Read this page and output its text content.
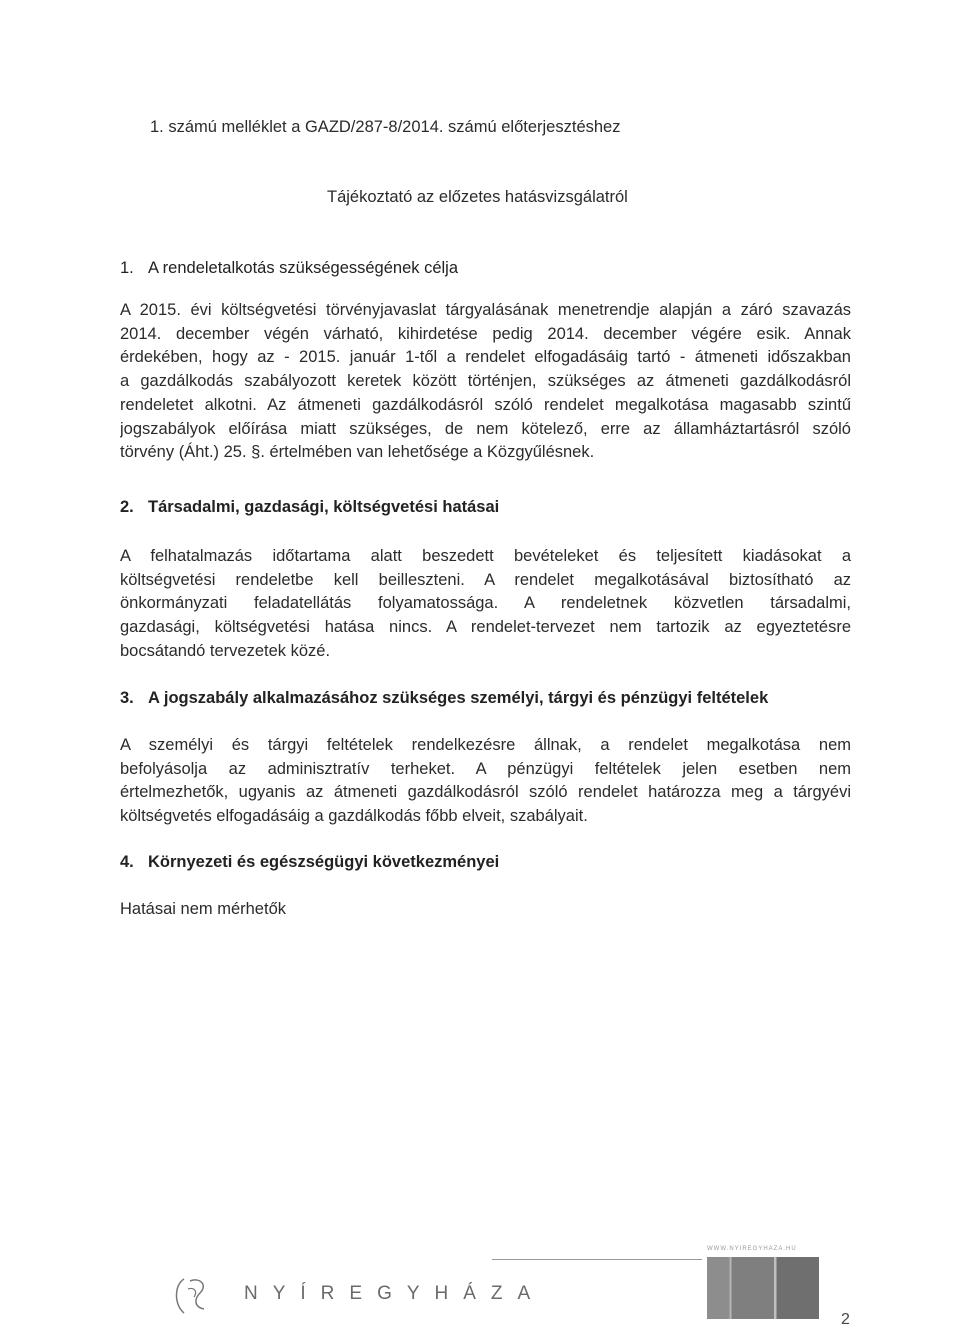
1. számú melléklet a GAZD/287-8/2014. számú előterjesztéshez
Tájékoztató az előzetes hatásvizsgálatról
1. A rendeletalkotás szükségességének célja
A 2015. évi költségvetési törvényjavaslat tárgyalásának menetrendje alapján a záró szavazás
2014. december végén várható, kihirdetése pedig 2014. december végére esik. Annak
érdekében, hogy az - 2015. január 1-től a rendelet elfogadásáig tartó - átmeneti időszakban
a gazdálkodás szabályozott keretek között történjen, szükséges az átmeneti gazdálkodásról
rendeletet alkotni. Az átmeneti gazdálkodásról szóló rendelet megalkotása magasabb szintű
jogszabályok előírása miatt szükséges, de nem kötelező, erre az államháztartásról szóló
törvény (Áht.) 25. §. értelmében van lehetősége a Közgyűlésnek.
2. Társadalmi, gazdasági, költségvetési hatásai
A felhatalmazás időtartama alatt beszedett bevételeket és teljesített kiadásokat a
költségvetési rendeletbe kell beilleszteni. A rendelet megalkotásával biztosítható az
önkormányzati feladatellátás folyamatossága. A rendeletnek közvetlen társadalmi,
gazdasági, költségvetési hatása nincs. A rendelet-tervezet nem tartozik az egyeztetésre
bocsátandó tervezetek közé.
3. A jogszabály alkalmazásához szükséges személyi, tárgyi és pénzügyi feltételek
A személyi és tárgyi feltételek rendelkezésre állnak, a rendelet megalkotása nem
befolyásolja az adminisztratív terheket. A pénzügyi feltételek jelen esetben nem
értelmezhetők, ugyanis az átmeneti gazdálkodásról szóló rendelet határozza meg a tárgyévi
költségvetés elfogadásáig a gazdálkodás főbb elveit, szabályait.
4. Környezeti és egészségügyi következményei
Hatásai nem mérhetők
WWW.NYIREGYHAZA.HU
NYÍREGYHÁZA
2
